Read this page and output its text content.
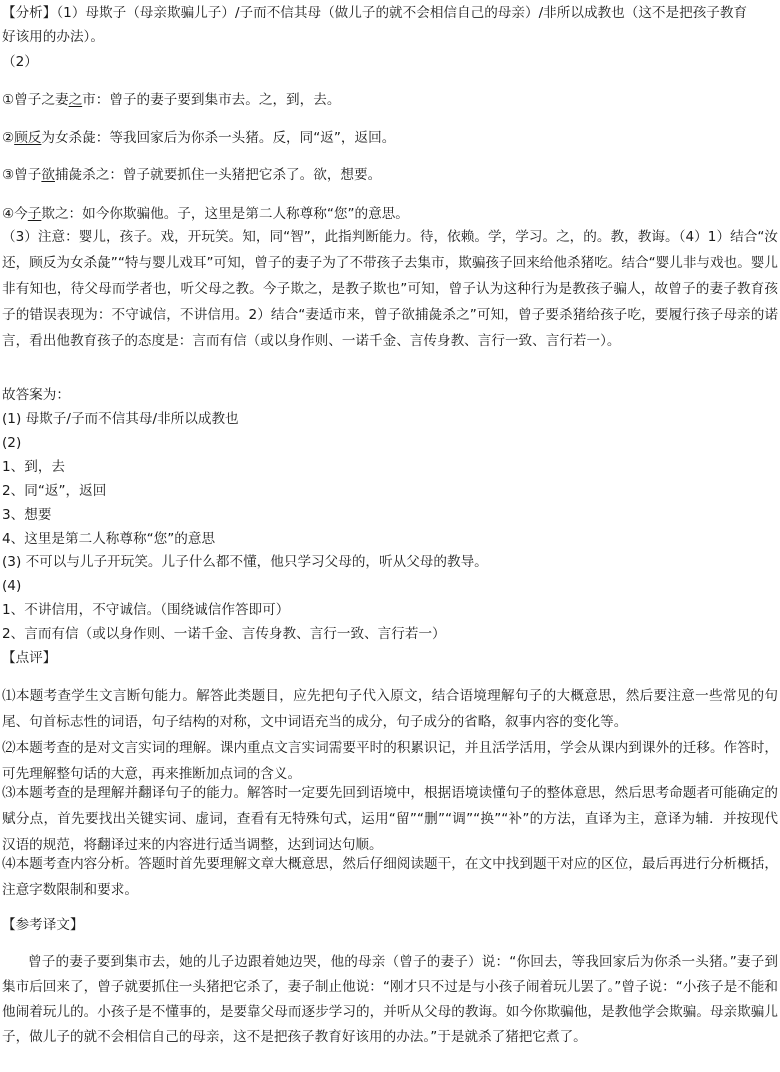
【分析】（1）母欺子（母亲欺骗儿子）/子而不信其母（做儿子的就不会相信自己的母亲）/非所以成教也（这不是把孩子教育
好该用的办法）。
（2）
①曾子之妻之市：曾子的妻子要到集市去。之，到，去。
②顾反为女杀彘：等我回家后为你杀一头猪。反，同“返”，返回。
③曾子欲捕彘杀之：曾子就要抓住一头猪把它杀了。欲，想要。
④今子欺之：如今你欺骗他。子，这里是第二人称尊称“您”的意思。
（3）注意：婴儿，孩子。戏，开玩笑。知，同“智”，此指判断能力。待，依赖。学，学习。之，的。教，教诲。（4）1）结合“汝还，顾反为女杀彘”“特与婴儿戏耳”可知，曾子的妻子为了不带孩子去集市，欺骗孩子回来给他杀猪吃。结合“婴儿非与戏也。婴儿非有知也，待父母而学者也，听父母之教。今子欺之，是教子欺也”可知，曾子认为这种行为是教孩子骗人，故曾子的妻子教育孩子的错误表现为：不守诚信，不讲信用。2）结合“妻适市来，曾子欲捕彘杀之”可知，曾子要杀猪给孩子吃，要履行孩子母亲的诺言，看出他教育孩子的态度是：言而有信（或以身作则、一诺千金、言传身教、言行一致、言行若一）。
故答案为：
(1) 母欺子/子而不信其母/非所以成教也
(2)
1、到，去
2、同“返”，返回
3、想要
4、这里是第二人称尊称“您”的意思
(3) 不可以与儿子开玩笑。儿子什么都不懂，他只学习父母的，听从父母的教导。
(4)
1、不讲信用，不守诚信。（围绕诚信作答即可）
2、言而有信（或以身作则、一诺千金、言传身教、言行一致、言行若一）
【点评】
⑴本题考查学生文言断句能力。解答此类题目，应先把句子代入原文，结合语境理解句子的大概意思，然后要注意一些常见的句尾、句首标志性的词语，句子结构的对称，文中词语充当的成分，句子成分的省略，叙事内容的变化等。
⑵本题考查的是对文言实词的理解。课内重点文言实词需要平时的积累识记，并且活学活用，学会从课内到课外的迁移。作答时，可先理解整句话的大意，再来推断加点词的含义。
⑶本题考查的是理解并翻译句子的能力。解答时一定要先回到语境中，根据语境读懂句子的整体意思，然后思考命题者可能确定的赋分点，首先要找出关键实词、虚词，查看有无特殊句式，运用“留”“删”“调”“换”“补”的方法，直译为主，意译为辅．并按现代汉语的规范，将翻译过来的内容进行适当调整，达到词达句顺。
⑷本题考查内容分析。答题时首先要理解文章大概意思，然后仔细阅读题干，在文中找到题干对应的区位，最后再进行分析概括，注意字数限制和要求。
【参考译文】
曾子的妻子要到集市去，她的儿子边跟着她边哭，他的母亲（曾子的妻子）说：“你回去，等我回家后为你杀一头猪。”妻子到集市后回来了，曾子就要抓住一头猪把它杀了，妻子制止他说：“刚才只不过是与小孩子闹着玩儿罢了。”曾子说：“小孩子是不能和他闹着玩儿的。小孩子是不懂事的，是要靠父母而逐步学习的，并听从父母的教诲。如今你欺骗他，是教他学会欺骗。母亲欺骗儿子，做儿子的就不会相信自己的母亲，这不是把孩子教育好该用的办法。”于是就杀了猪把它煮了。
